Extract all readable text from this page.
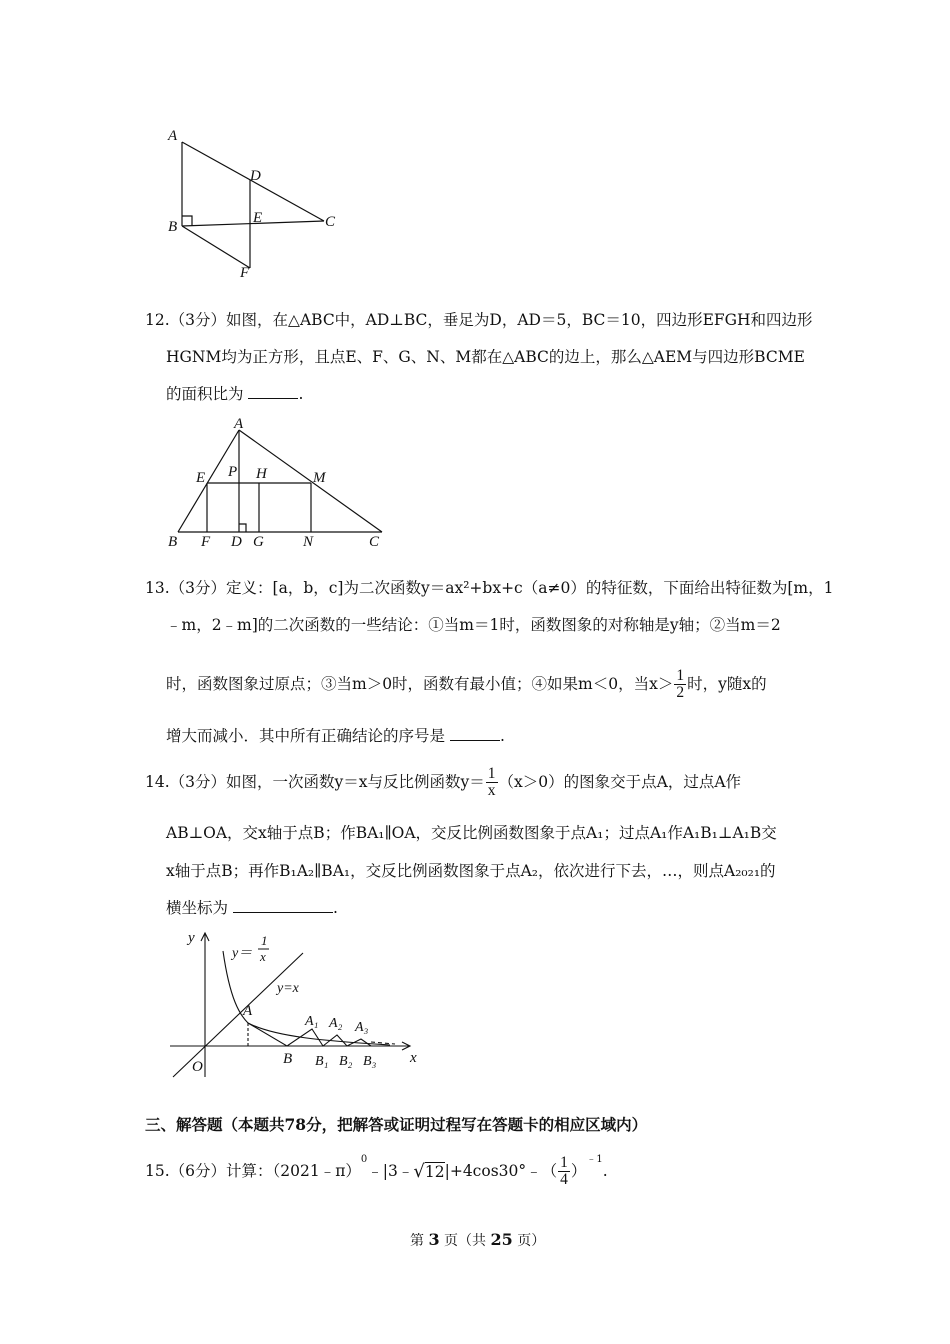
A
B	C
D
E
F
12.（3分）如图，在△ABC中，AD⊥BC，垂足为D，AD＝5，BC＝10，四边形EFGH和四边形
HGNM均为正方形，且点E、F、G、N、M都在△ABC的边上，那么△AEM与四边形BCME
的面积比为	.
A
E P H	M
B F D G	N	C
13.（3分）定义：[a，b，c]为二次函数y＝ax²+bx+c（a≠0）的特征数，下面给出特征数为[m，1
﹣m，2﹣m]的二次函数的一些结论：①当m＝1时，函数图象的对称轴是y轴；②当m＝2
时，函数图象过原点；③当m＞0时，函数有最小值；④如果m＜0，当$x> \frac{1}{2}$ 时，y随x的
增大而减小．其中所有正确结论的序号是	.
14.（3分）如图，一次函数y＝x与反比例函数$y= \frac{1}{x} (x>0)$的图象交于点A，过点A作
AB⊥OA，交x轴于点B；作BA₁∥OA，交反比例函数图象于点A₁；过点A₁作A₁B₁⊥A₁B交
x轴于点B；再作B₁A₂∥BA₁，交反比例函数图象于点A₂，依次进行下去，…，则点A₂₀₂₁的
横坐标为	.
y
x
O
y＝
1
x
y=x
A
B
A₁ A₂ A₃
B₁ B₂ B₃
三、解答题（本题共78分，把解答或证明过程写在答题卡的相应区域内）
15.（6分）计算：（2021﹣π）$^0$﹣|3﹣√12|+4cos30°﹣（ $\frac{1}{4} )^{﹣1}$.
第 3 页（共 25 页）
